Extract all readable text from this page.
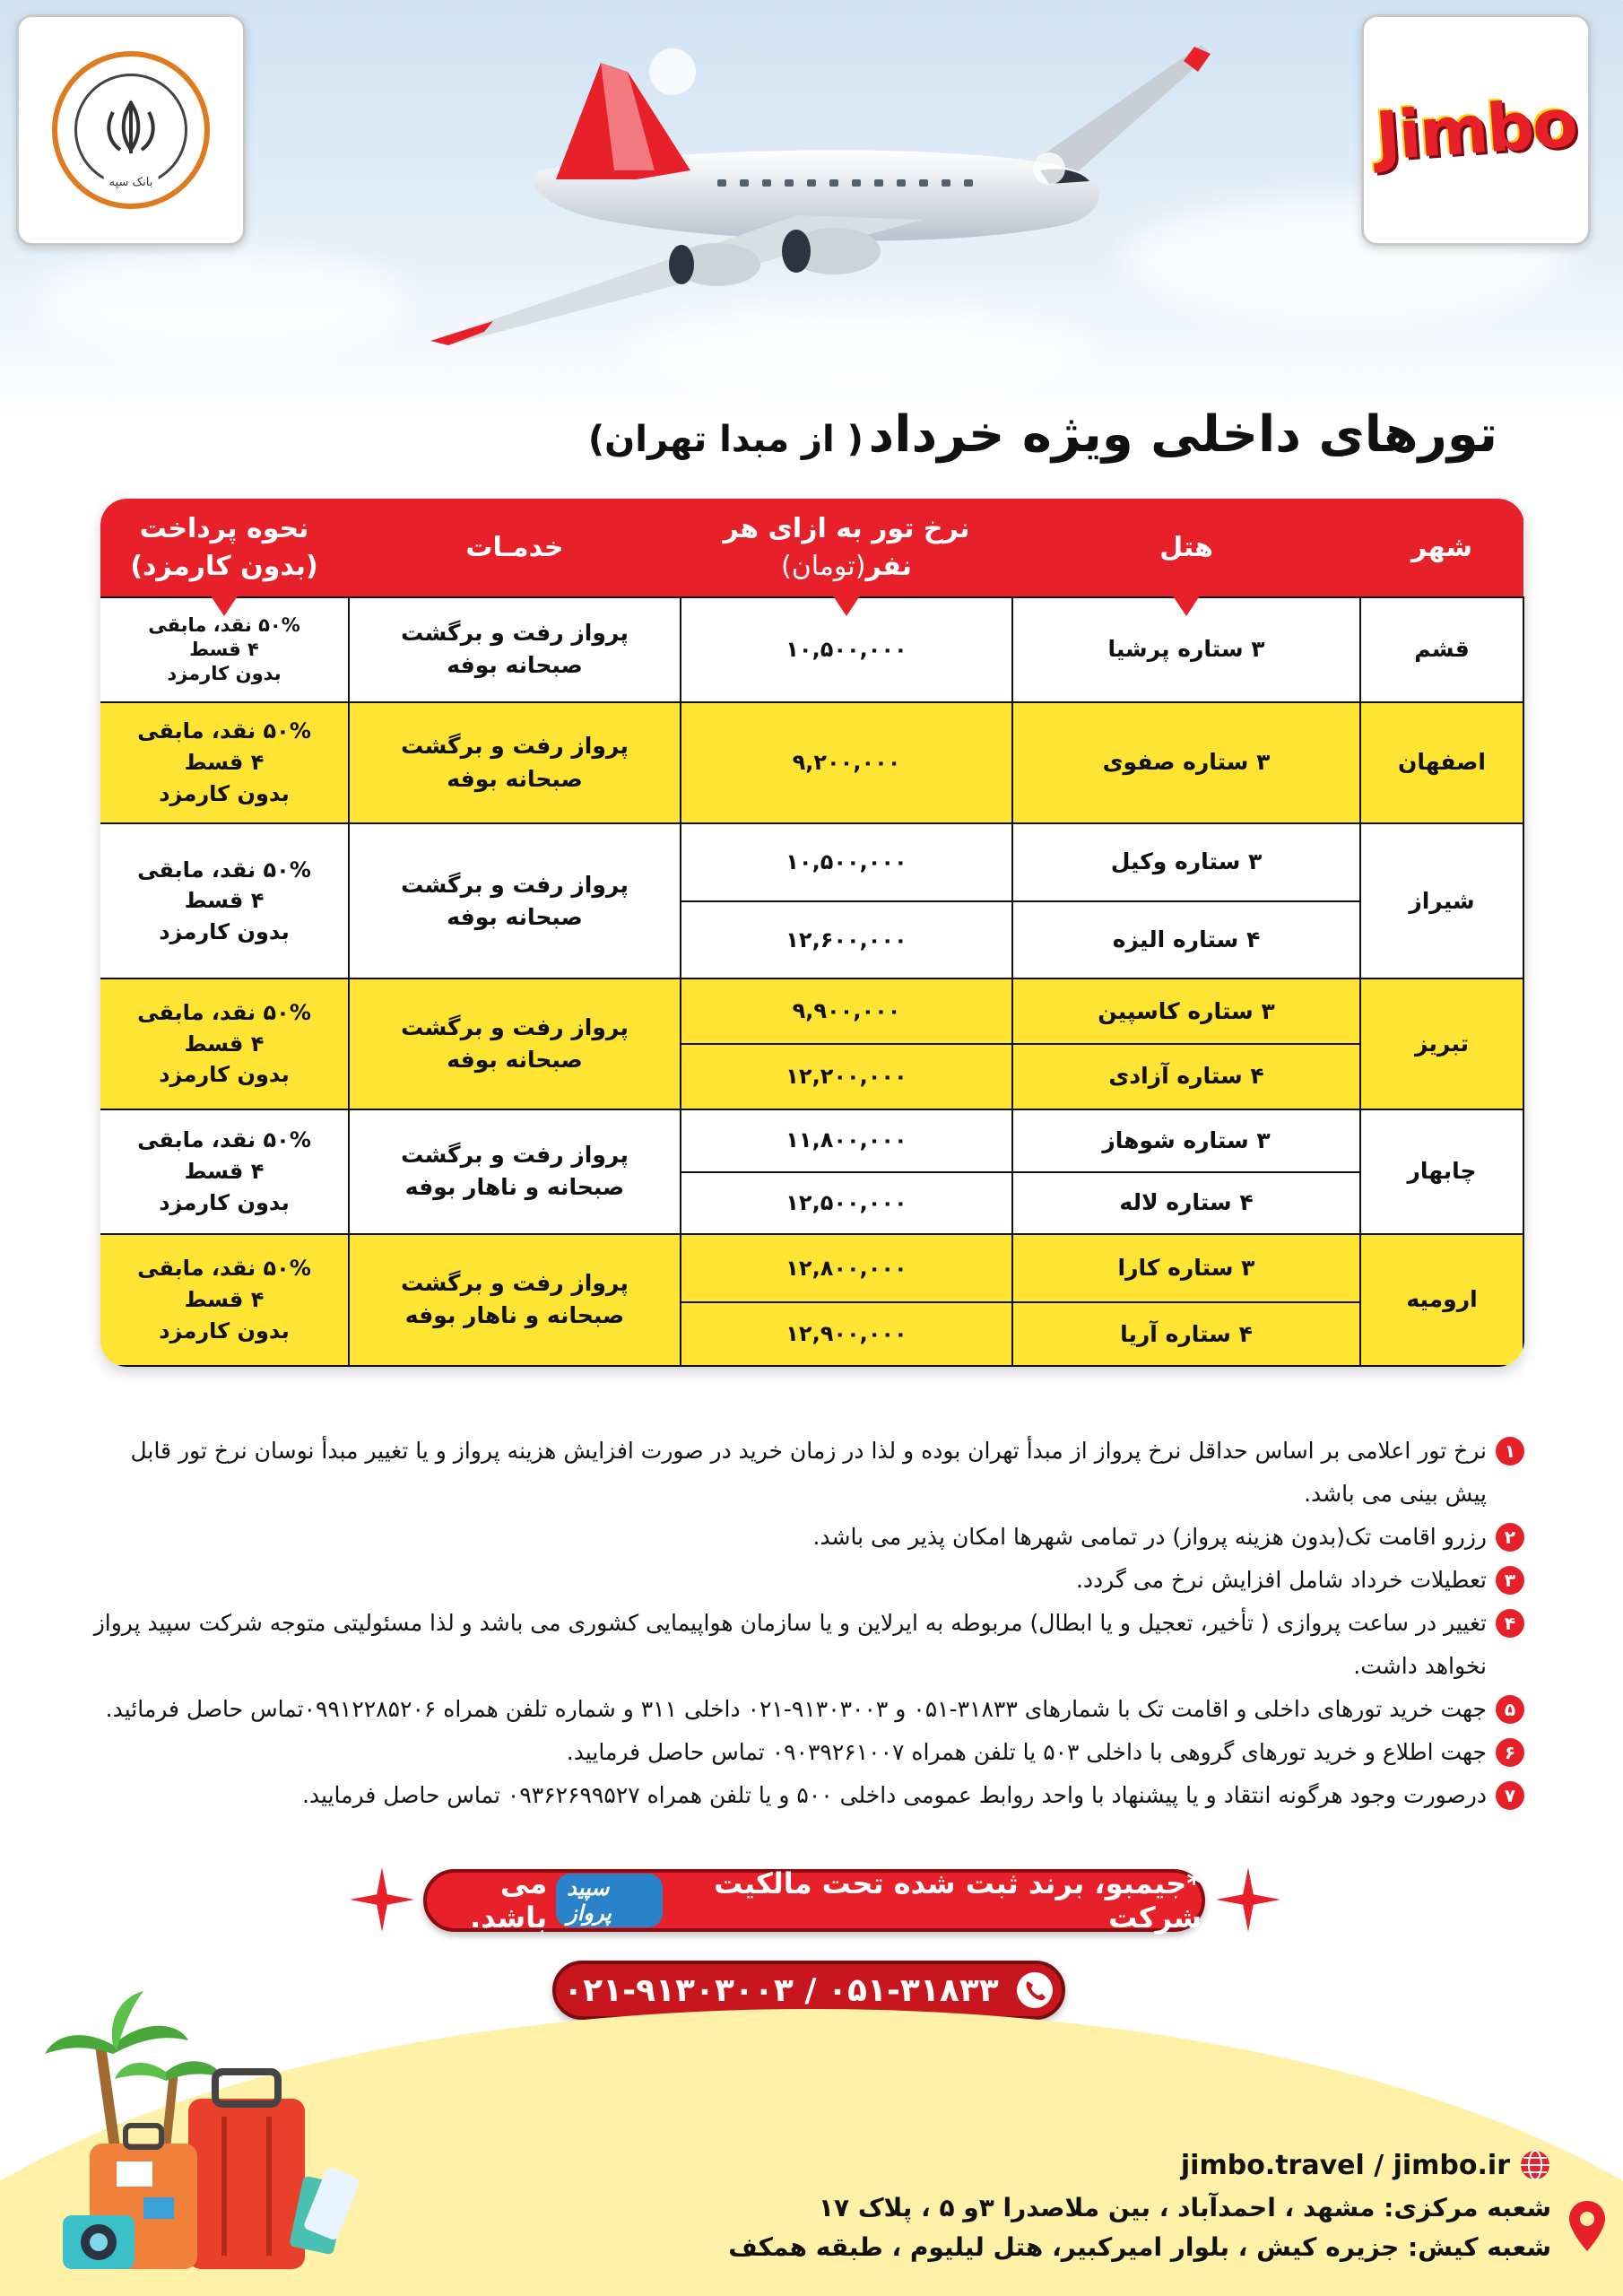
Jimbo
بانک سپه
تورهای داخلی ویژه خرداد ( از مبدا تهران)
شهر	هتل	نرخ تور به ازای هر نفر(تومان)	خدمـات	نحوه پرداخت
(بدون کارمزد)

قشم	۳ ستاره پرشیا	۱۰,۵۰۰,۰۰۰	پرواز رفت و برگشت
صبحانه بوفه	۵۰% نقد، مابقی
۴ قسط
بدون کارمزد
اصفهان	۳ ستاره صفوی	۹,۲۰۰,۰۰۰	پرواز رفت و برگشت
صبحانه بوفه	۵۰% نقد، مابقی
۴ قسط
بدون کارمزد
شیراز	۳ ستاره وکیل	۱۰,۵۰۰,۰۰۰	پرواز رفت و برگشت
صبحانه بوفه	۵۰% نقد، مابقی
۴ قسط
بدون کارمزد
	۴ ستاره الیزه	۱۲,۶۰۰,۰۰۰		
تبریز	۳ ستاره کاسپین	۹,۹۰۰,۰۰۰	پرواز رفت و برگشت
صبحانه بوفه	۵۰% نقد، مابقی
۴ قسط
بدون کارمزد
	۴ ستاره آزادی	۱۲,۲۰۰,۰۰۰		
چابهار	۳ ستاره شوهاز	۱۱,۸۰۰,۰۰۰	پرواز رفت و برگشت
صبحانه و ناهار بوفه	۵۰% نقد، مابقی
۴ قسط
بدون کارمزد
	۴ ستاره لاله	۱۲,۵۰۰,۰۰۰		
ارومیه	۳ ستاره کارا	۱۲,۸۰۰,۰۰۰	پرواز رفت و برگشت
صبحانه و ناهار بوفه	۵۰% نقد، مابقی
۴ قسط
بدون کارمزد
	۴ ستاره آریا	۱۲,۹۰۰,۰۰۰		
۱
نرخ تور اعلامی بر اساس حداقل نرخ پرواز از مبدأ تهران بوده و لذا در زمان خرید در صورت افزایش هزینه پرواز و یا تغییر مبدأ نوسان نرخ تور قابل پیش بینی می باشد.
۲
رزرو اقامت تک(بدون هزینه پرواز) در تمامی شهرها امکان پذیر می باشد.
۳
تعطیلات خرداد شامل افزایش نرخ می گردد.
۴
تغییر در ساعت پروازی ( تأخیر، تعجیل و یا ابطال) مربوطه به ایرلاین و یا سازمان هواپیمایی کشوری می باشد و لذا مسئولیتی متوجه شرکت سپید پرواز نخواهد داشت.
۵
جهت خرید تورهای داخلی و اقامت تک با شمارهای ۳۱۸۳۳-۰۵۱ و ۹۱۳۰۳۰۰۳-۰۲۱ داخلی ۳۱۱ و شماره تلفن همراه ۰۹۹۱۲۲۸۵۲۰۶تماس حاصل فرمائید.
۶
جهت اطلاع و خرید تورهای گروهی با داخلی ۵۰۳ یا تلفن همراه ۰۹۰۳۹۲۶۱۰۰۷ تماس حاصل فرمایید.
۷
درصورت وجود هرگونه انتقاد و یا پیشنهاد با واحد روابط عمومی داخلی ۵۰۰ و یا تلفن همراه ۰۹۳۶۲۶۹۹۵۲۷ تماس حاصل فرمایید.
*جیمبو، برند ثبت شده تحت مالکیت شرکت
سپید پرواز
می باشد.
۰۲۱-۹۱۳۰۳۰۰۳ / ۰۵۱-۳۱۸۳۳
jimbo.travel / jimbo.ir
شعبه مرکزی: مشهد ، احمدآباد ، بین ملاصدرا ۳و ۵ ، پلاک ۱۷
شعبه کیش: جزیره کیش ، بلوار امیرکبیر، هتل لیلیوم ، طبقه همکف
